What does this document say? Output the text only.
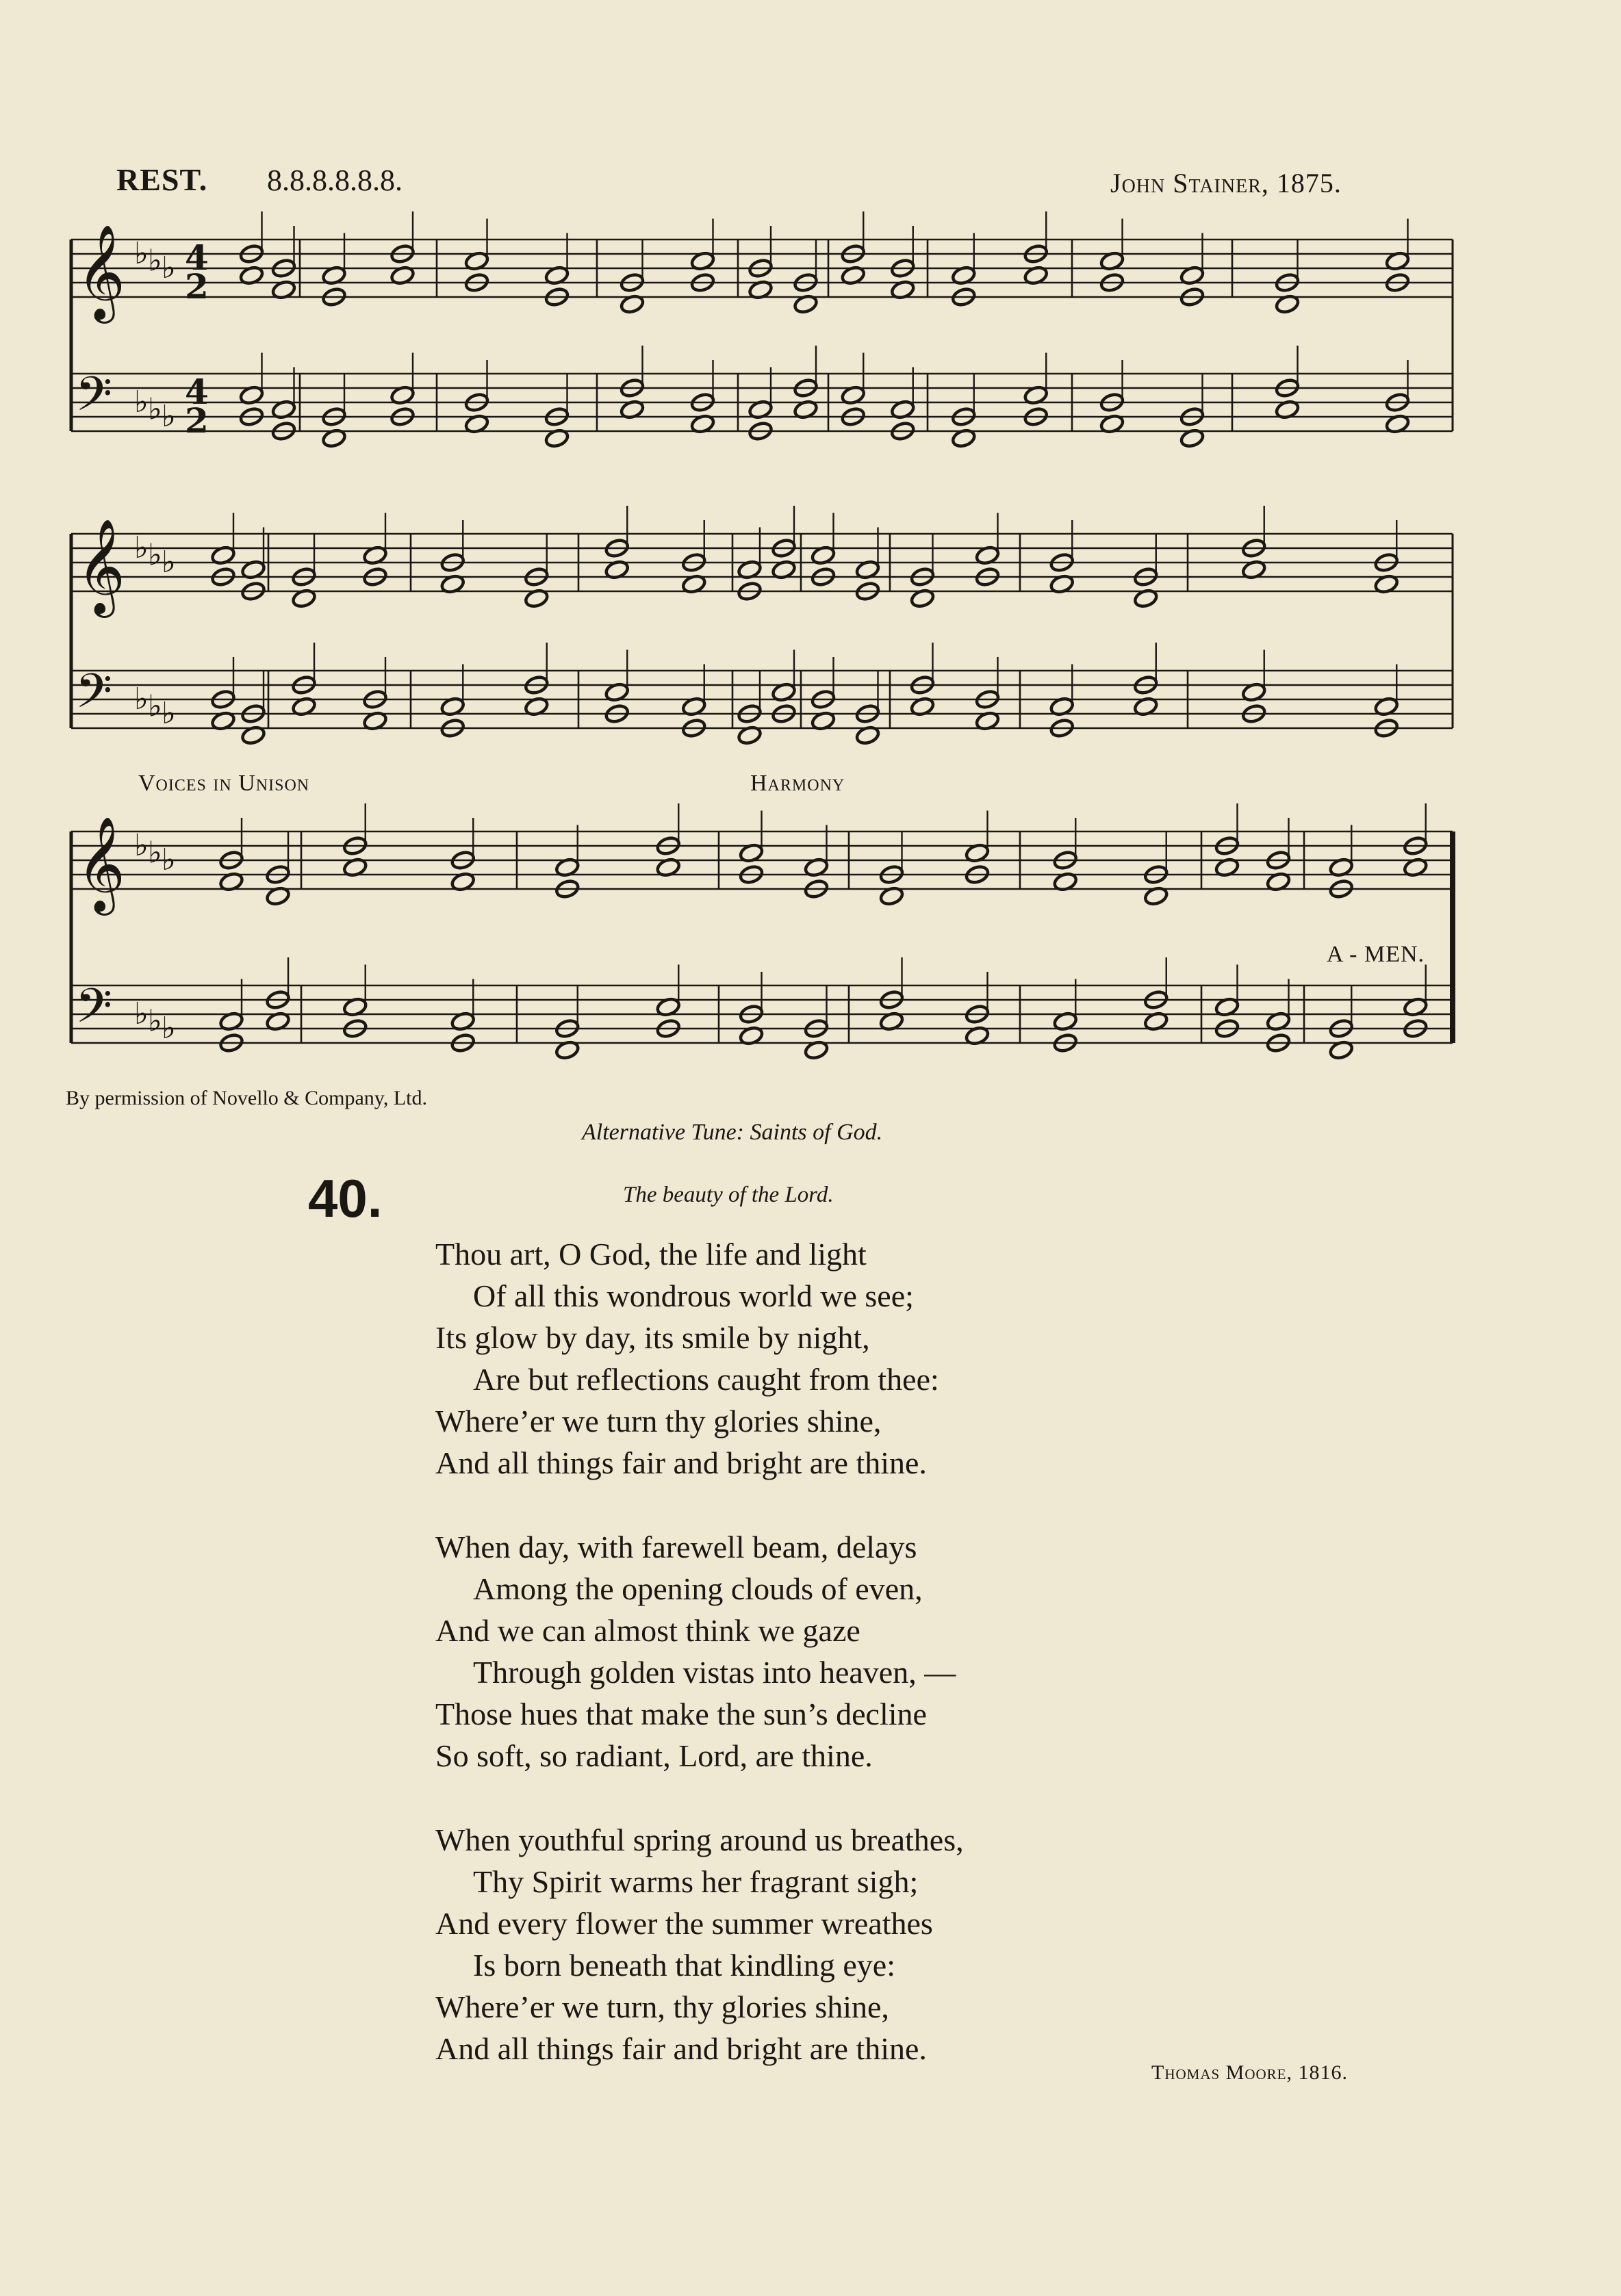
REST. 8.8.8.8.8.8.	John Stainer, 1875.
𝄞 ♭ ♭ ♭ 4
2
𝄢 ♭ ♭ ♭
4
2
𝄞 ♭ ♭ ♭
𝄢 ♭ ♭ ♭
𝄞 ♭ ♭ ♭
𝄢 ♭ ♭ ♭
Voices in Unison	Harmony
A - MEN.
By permission of Novello & Company, Ltd.
Alternative Tune: Saints of God.
40.	The beauty of the Lord.
Thou art, O God, the life and light
Of all this wondrous world we see;
Its glow by day, its smile by night,
Are but reflections caught from thee:
Where’er we turn thy glories shine,
And all things fair and bright are thine.
When day, with farewell beam, delays
Among the opening clouds of even,
And we can almost think we gaze
Through golden vistas into heaven, —
Those hues that make the sun’s decline
So soft, so radiant, Lord, are thine.
When youthful spring around us breathes,
Thy Spirit warms her fragrant sigh;
And every flower the summer wreathes
Is born beneath that kindling eye:
Where’er we turn, thy glories shine,
And all things fair and bright are thine.
Thomas Moore, 1816.
